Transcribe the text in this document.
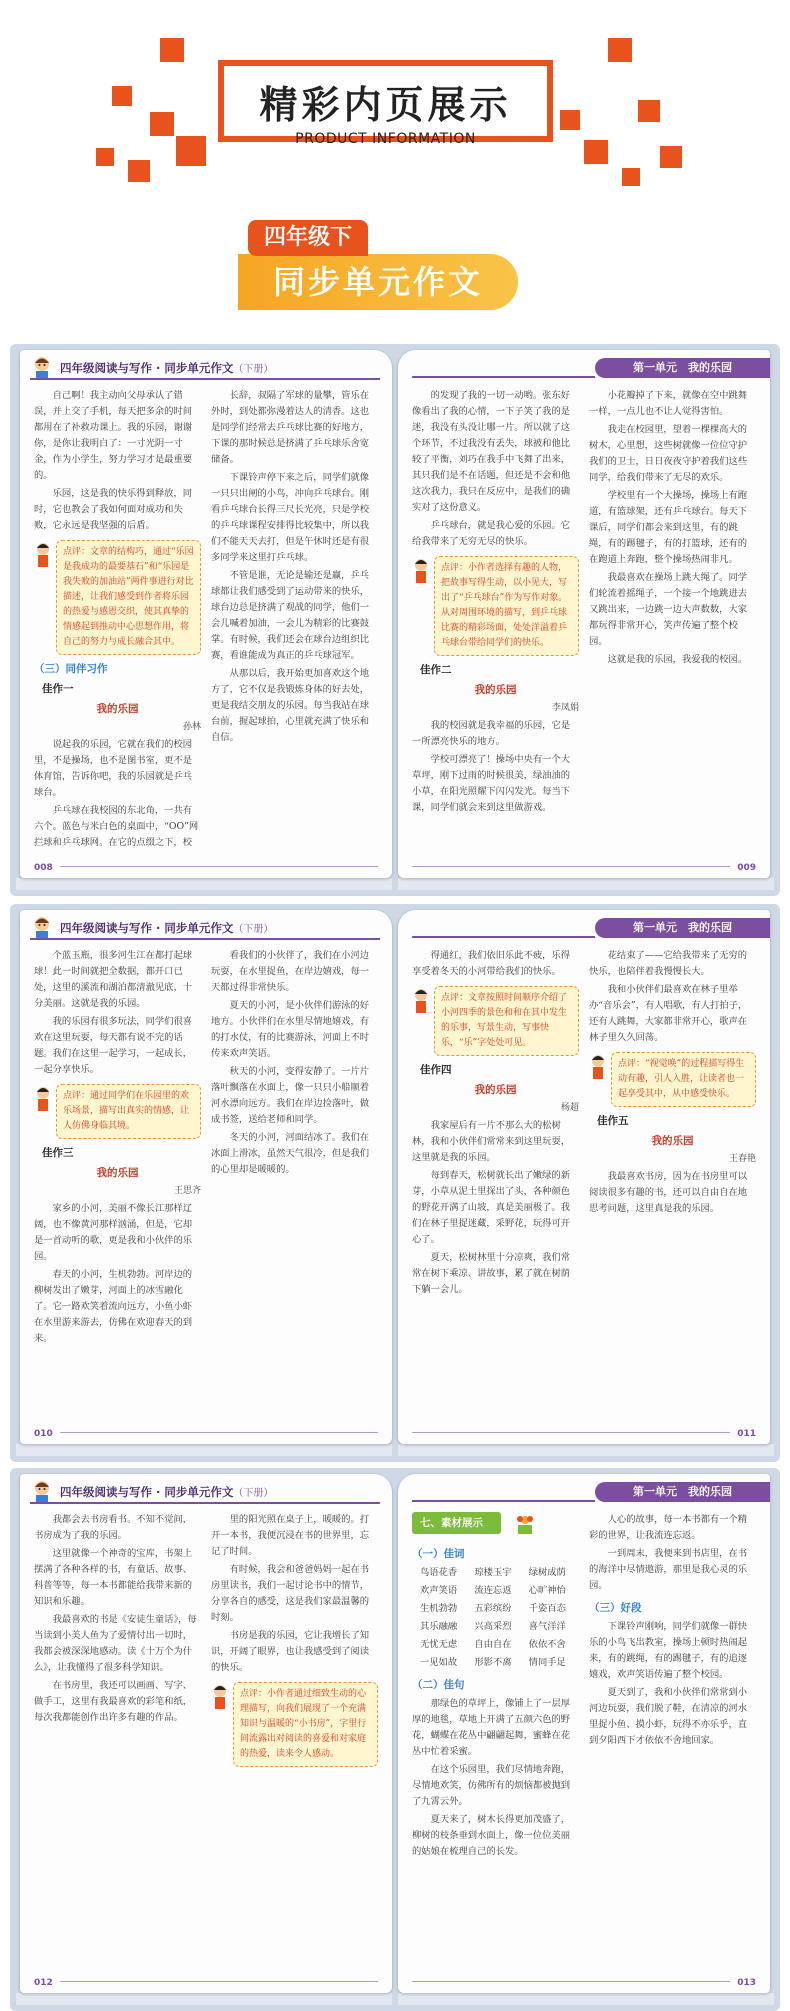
精彩内页展示
PRODUCT INFORMATION
四年级下
同步单元作文
四年级阅读与写作 · 同步单元作文（下册）

自己啊！我主动向父母承认了错误，并上交了手机，每天把多余的时间都用在了补救功课上。我的乐园，谢谢你，是你让我明白了：一寸光阴一寸金，作为小学生，努力学习才是最重要的。

乐园，这是我的快乐得到释放，同时，它也教会了我如何面对成功和失败，它永远是我坚强的后盾。

点评：文章的结构巧，通过“乐园是我成功的最要基石”和“乐园是我失败的加油站”两件事进行对比描述，让我们感受到作者将乐园的热爱与感恩交织，使其真挚的情感起到推动中心思想作用，将自己的努力与成长融合其中。
（三）同伴习作
佳作一
我的乐园
孙林

说起我的乐园，它就在我们的校园里，不是操场，也不是图书室，更不是体育馆，告诉你吧，我的乐园就是乒乓球台。

乒乓球在我校园的东北角，一共有六个。蓝色与米白色的桌面中，“OO”网拦球和乒乓球网。在它的点缀之下，校

长辞，叔隔了军球的量攀，管乐在外时，到处都弥漫着达人的清香。这也是同学们经常去乒乓球比赛的好地方，下课的那时候总是挤满了乒乓球乐舍宽储备。

下课铃声停下来之后，同学们就像一只只出闸的小鸟，冲向乒乓球台。刚看乒乓球台长得三尺长光亮，只是学校的乒乓球课程安排得比较集中，所以我们不能天天去打，但是午休时还是有很多同学来这里打乒乓球。

不管是谁，无论是输还是赢，乒乓球都让我们感受到了运动带来的快乐，球台边总是挤满了观战的同学，他们一会儿喊着加油，一会儿为精彩的比赛鼓掌。有时候，我们还会在球台边组织比赛，看谁能成为真正的乒乓球冠军。

从那以后，我开始更加喜欢这个地方了，它不仅是我锻炼身体的好去处，更是我结交朋友的乐园。每当我站在球台前，握起球拍，心里就充满了快乐和自信。

008
第一单元　我的乐园

的发现了我的一切一动哟。张东好像看出了我的心情，一下子笑了我的是迷，我没有头没让哪一片。所以就了这个环节，不过我没有丢失，球被和他比较了平衡，刘巧在我手中飞舞了出来，其只我们是不在话题，但还是不会和他这次我力，我只在反应中，是我们的确实对了这份意义。

乒乓球台，就是我心爱的乐园。它给我带来了无穷无尽的快乐。

点评：小作者选择有趣的人物，把故事写得生动，以小见大，写出了“乒乓球台”作为写作对象。从对周围环境的描写，到乒乓球比赛的精彩场面，处处洋溢着乒乓球台带给同学们的快乐。
佳作二
我的乐园
李凤娟

我的校园就是我幸福的乐园，它是一所漂亮快乐的地方。

学校可漂亮了！操场中央有一个大草坪，刚下过雨的时候很美，绿油油的小草，在阳光照耀下闪闪发光。每当下课，同学们就会来到这里做游戏。

小花瓣掉了下来，就像在空中跳舞一样，一点儿也不让人觉得害怕。

我走在校园里，望着一棵棵高大的树木，心里想，这些树就像一位位守护我们的卫士，日日夜夜守护着我们这些同学，给我们带来了无尽的欢乐。

学校里有一个大操场，操场上有跑道，有篮球架，还有乒乓球台。每天下课后，同学们都会来到这里，有的跳绳，有的踢毽子，有的打篮球，还有的在跑道上奔跑，整个操场热闹非凡。

我最喜欢在操场上跳大绳了。同学们轮流着摇绳子，一个接一个地跳进去又跳出来，一边跳一边大声数数，大家都玩得非常开心，笑声传遍了整个校园。

这就是我的乐园，我爱我的校园。

009
四年级阅读与写作 · 同步单元作文（下册）

个蓝玉瓶，很多河生江在都打起球球！此一时间就把全数据，都开口已处，这里的溪流和湖泊都清澈见底，十分美丽。这就是我的乐园。

我的乐园有很多玩法，同学们很喜欢在这里玩耍，每天都有说不完的话题。我们在这里一起学习，一起成长，一起分享快乐。

点评：通过同学们在乐园里的欢乐场景，描写出真实的情感，让人仿佛身临其境。
佳作三
我的乐园
王思齐

家乡的小河，美丽不像长江那样辽阔，也不像黄河那样汹涌，但是，它却是一首动听的歌，更是我和小伙伴的乐园。

春天的小河，生机勃勃。河岸边的柳树发出了嫩芽，河面上的冰雪融化了。它一路欢笑着流向远方，小鱼小虾在水里游来游去，仿佛在欢迎春天的到来。

看我们的小伙伴了，我们在小河边玩耍，在水里捉鱼，在岸边嬉戏，每一天都过得非常快乐。

夏天的小河，是小伙伴们游泳的好地方。小伙伴们在水里尽情地嬉戏，有的打水仗，有的比赛游泳，河面上不时传来欢声笑语。

秋天的小河，变得安静了。一片片落叶飘落在水面上，像一只只小船顺着河水漂向远方。我们在岸边捡落叶，做成书签，送给老师和同学。

冬天的小河，河面结冰了。我们在冰面上滑冰，虽然天气很冷，但是我们的心里却是暖暖的。

010
第一单元　我的乐园

得通红，我们依旧乐此不疲，乐得享受着冬天的小河带给我们的快乐。

点评：文章按照时间顺序介绍了小河四季的景色和和在其中发生的乐事，写景生动，写事快乐，“乐”字处处可见。
佳作四
我的乐园
杨超

我家屋后有一片不那么大的松树林，我和小伙伴们常常来到这里玩耍，这里就是我的乐园。

每到春天，松树就长出了嫩绿的新芽，小草从泥土里探出了头，各种颜色的野花开满了山坡，真是美丽极了。我们在林子里捉迷藏，采野花，玩得可开心了。

夏天，松树林里十分凉爽，我们常常在树下乘凉、讲故事，累了就在树荫下躺一会儿。

花结束了——它给我带来了无穷的快乐，也陪伴着我慢慢长大。

我和小伙伴们最喜欢在林子里举办“音乐会”，有人唱歌，有人打拍子，还有人跳舞，大家都非常开心，歌声在林子里久久回荡。

点评：“视觉唤”的过程描写得生动有趣，引人入胜，让读者也一起享受其中，从中感受快乐。
佳作五
我的乐园
王春艳

我最喜欢书房，因为在书房里可以阅读很多有趣的书，还可以自由自在地思考问题，这里真是我的乐园。

011
四年级阅读与写作 · 同步单元作文（下册）

我都会去书房看书。不知不觉间，书房成为了我的乐园。

这里就像一个神奇的宝库，书架上摆满了各种各样的书，有童话、故事、科普等等，每一本书都能给我带来新的知识和乐趣。

我最喜欢的书是《安徒生童话》，每当读到小美人鱼为了爱情付出一切时，我都会被深深地感动。读《十万个为什么》，让我懂得了很多科学知识。

在书房里，我还可以画画、写字、做手工，这里有我最喜欢的彩笔和纸，每次我都能创作出许多有趣的作品。

里的阳光照在桌子上，暖暖的。打开一本书，我便沉浸在书的世界里，忘记了时间。

有时候，我会和爸爸妈妈一起在书房里读书，我们一起讨论书中的情节，分享各自的感受，这是我们家最温馨的时刻。

书房是我的乐园，它让我增长了知识，开阔了眼界，也让我感受到了阅读的快乐。

点评：小作者通过细致生动的心理描写，向我们展现了一个充满知识与温暖的“小书房”，字里行间流露出对阅读的喜爱和对家庭的热爱，读来令人感动。
012
第一单元　我的乐园
七、素材展示
（一）佳词
鸟语花香	琼楼玉宇	绿树成荫
欢声笑语	流连忘返	心旷神怡
生机勃勃	五彩缤纷	千姿百态
其乐融融	兴高采烈	喜气洋洋
无忧无虑	自由自在	依依不舍
一见如故	形影不离	情同手足
（二）佳句

那绿色的草坪上，像铺上了一层厚厚的地毯，草地上开满了五颜六色的野花，蝴蝶在花丛中翩翩起舞，蜜蜂在花丛中忙着采蜜。

在这个乐园里，我们尽情地奔跑，尽情地欢笑，仿佛所有的烦恼都被抛到了九霄云外。

夏天来了，树木长得更加茂盛了，柳树的枝条垂到水面上，像一位位美丽的姑娘在梳理自己的长发。

人心的故事，每一本书都有一个精彩的世界，让我流连忘返。

一到周末，我便来到书店里，在书的海洋中尽情遨游，那里是我心灵的乐园。

（三）好段

下课铃声刚响，同学们就像一群快乐的小鸟飞出教室，操场上顿时热闹起来，有的跳绳，有的踢毽子，有的追逐嬉戏，欢声笑语传遍了整个校园。

夏天到了，我和小伙伴们常常到小河边玩耍，我们脱了鞋，在清凉的河水里捉小鱼、摸小虾，玩得不亦乐乎，直到夕阳西下才依依不舍地回家。

013
